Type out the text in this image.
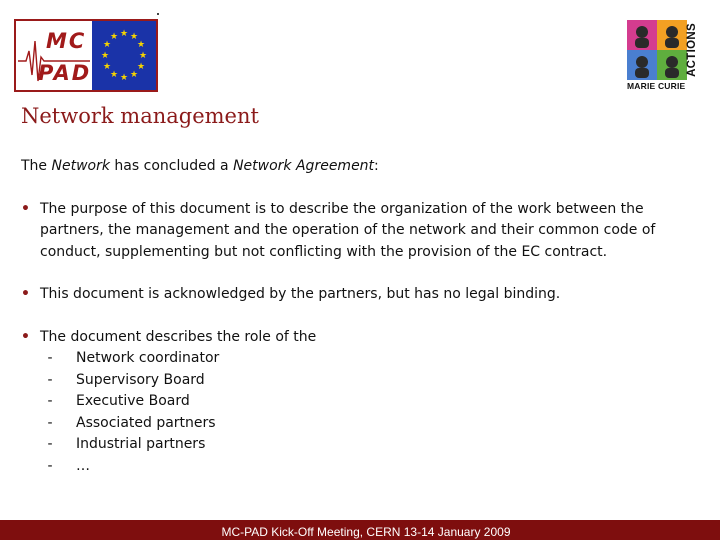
MC
PAD
★ ★
★
★
★
★
★
★
★
★
★
★	ACTIONS
MARIE CURIE
Network management

The Network has concluded a Network Agreement:

• The purpose of this document is to describe the organization of the work between the partners, the management and the operation of the network and their common code of conduct, supplementing but not conflicting with the provision of the EC contract.
• This document is acknowledged by the partners, but has no legal binding.
• The document describes the role of the
-	Network coordinator
-	Supervisory Board
-	Executive Board
-	Associated partners
-	Industrial partners
-	…
MC-PAD Kick-Off Meeting, CERN 13-14 January 2009
